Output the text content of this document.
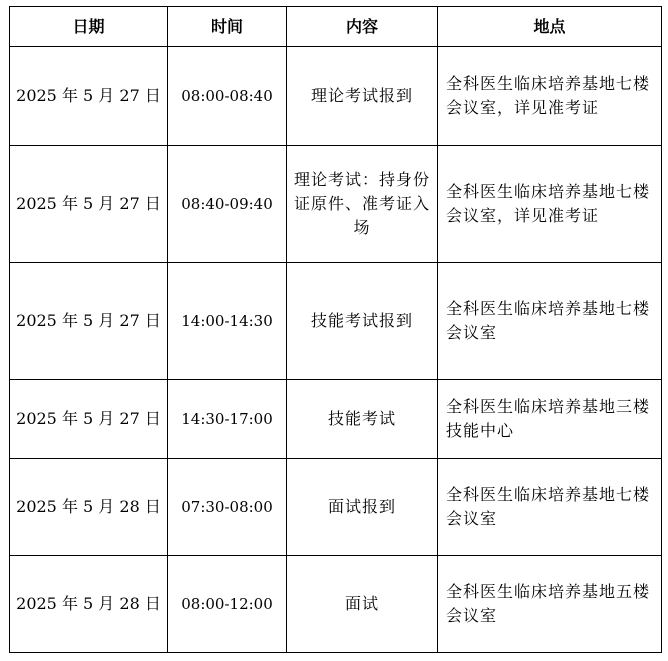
日期	时间	内容	地点
2025 年 5 月 27 日	08:00-08:40	理论考试报到	全科医生临床培养基地七楼会议室，详见准考证
2025 年 5 月 27 日	08:40-09:40	理论考试：持身份证原件、准考证入场	全科医生临床培养基地七楼会议室，详见准考证
2025 年 5 月 27 日	14:00-14:30	技能考试报到	全科医生临床培养基地七楼会议室
2025 年 5 月 27 日	14:30-17:00	技能考试	全科医生临床培养基地三楼技能中心
2025 年 5 月 28 日	07:30-08:00	面试报到	全科医生临床培养基地七楼会议室
2025 年 5 月 28 日	08:00-12:00	面试	全科医生临床培养基地五楼会议室
